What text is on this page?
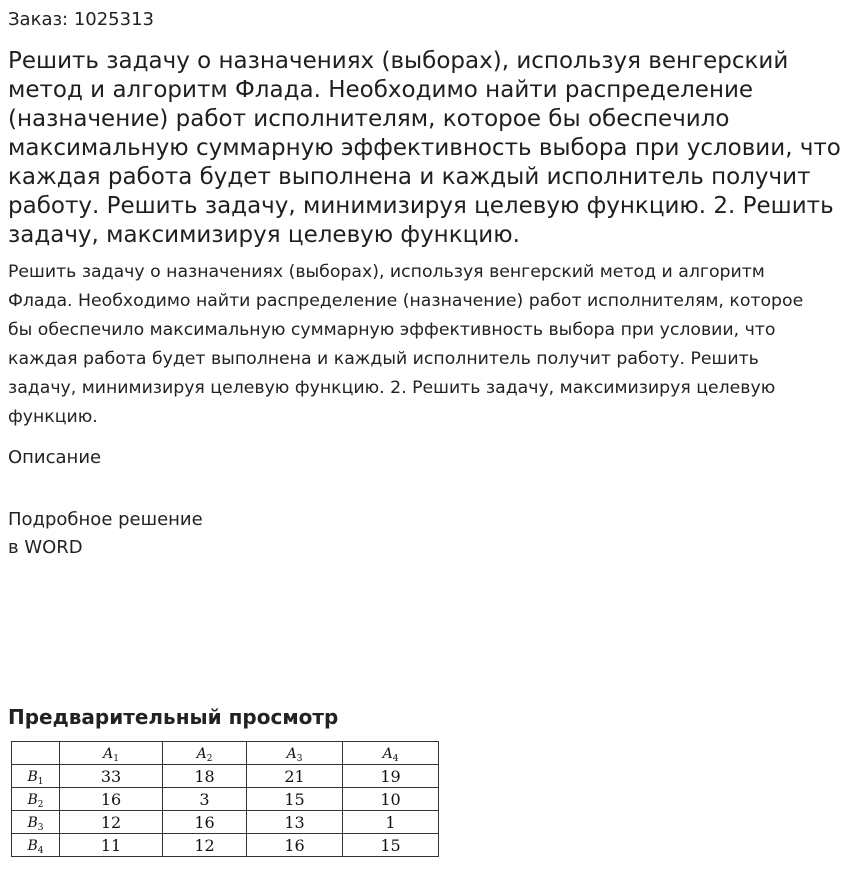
Заказ: 1025313
Решить задачу о назначениях (выборах), используя венгерский метод и алгоритм Флада. Необходимо найти распределение (назначение) работ исполнителям, которое бы обеспечило максимальную суммарную эффективность выбора при условии, что каждая работа будет выполнена и каждый исполнитель получит работу. Решить задачу, минимизируя целевую функцию. 2. Решить задачу, максимизируя целевую функцию.

Решить задачу о назначениях (выборах), используя венгерский метод и алгоритм Флада. Необходимо найти распределение (назначение) работ исполнителям, которое бы обеспечило максимальную суммарную эффективность выбора при условии, что каждая работа будет выполнена и каждый исполнитель получит работу. Решить задачу, минимизируя целевую функцию. 2. Решить задачу, максимизируя целевую функцию.

Описание
Подробное решение
в WORD
Предварительный просмотр
	$A_1$	$A_2$	$A_3$	$A_4$
$B_1$	33	18	21	19
$B_2$	16	3	15	10
$B_3$	12	16	13	1
$B_4$	11	12	16	15
